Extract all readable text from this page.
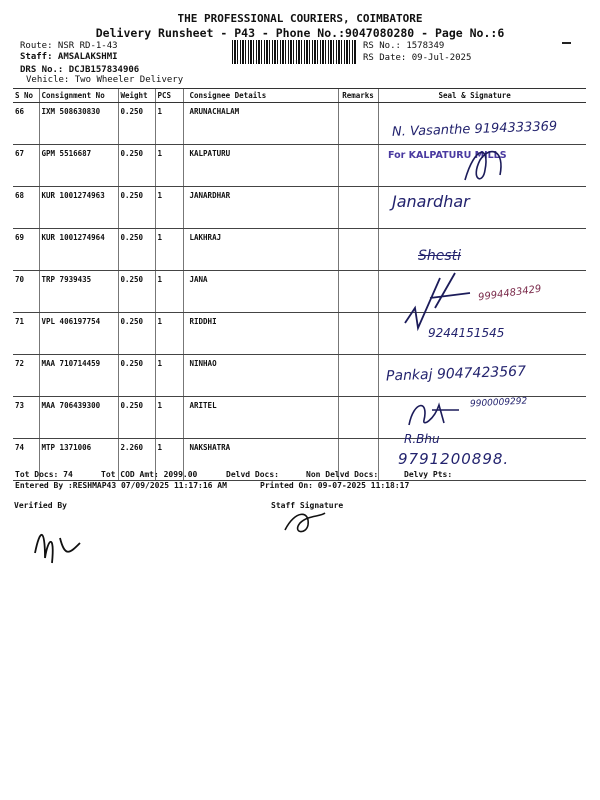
THE PROFESSIONAL COURIERS, COIMBATORE
Delivery Runsheet - P43 - Phone No.:9047080280 - Page No.:6
Route: NSR RD-1-43
Staff: AMSALAKSHMI
DRS No.: DCJB157834906
Vehicle: Two Wheeler Delivery
RS No.: 1578349
RS Date: 09-Jul-2025
S No	Consignment No	Weight	PCS	Consignee Details	Remarks	Seal & Signature
66	IXM 508630830	0.250	1	ARUNACHALAM		
67	GPM 5516687	0.250	1	KALPATURU		
68	KUR 1001274963	0.250	1	JANARDHAR		
69	KUR 1001274964	0.250	1	LAKHRAJ		
70	TRP 7939435	0.250	1	JANA		
71	VPL 406197754	0.250	1	RIDDHI		
72	MAA 710714459	0.250	1	NINHAO		
73	MAA 706439300	0.250	1	ARITEL		
74	MTP 1371006	2.260	1	NAKSHATRA		
N. Vasanthe 9194333369
For KALPATURU MILLS
Janardhar
Shesti
9994483429
9244151545
Pankaj 9047423567
9900009292
R.Bhu
9791200898.
Tot Docs: 74	Tot COD Amt: 2099.00	Delvd Docs:	Non Delvd Docs:	Delvy Pts:
Entered By :RESHMAP43 07/09/2025 11:17:16 AM	Printed On: 09-07-2025 11:18:17
Verified By	Staff Signature
